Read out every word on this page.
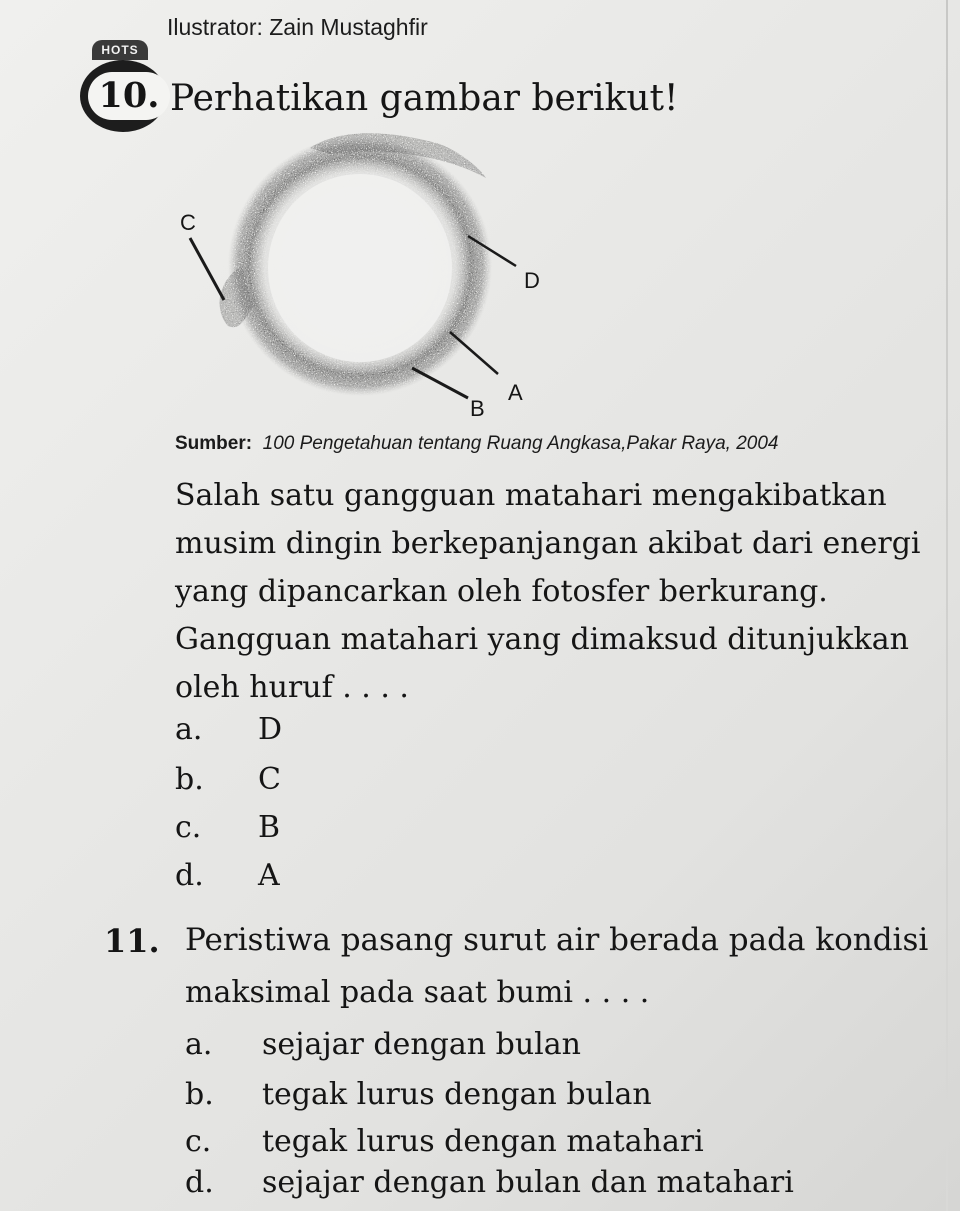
Ilustrator: Zain Mustaghfir
HOTS
10. Perhatikan gambar berikut!
C
D
A
B
Sumber: 100 Pengetahuan tentang Ruang Angkasa,Pakar Raya, 2004
Salah satu gangguan matahari mengakibatkan
musim dingin berkepanjangan akibat dari energi
yang dipancarkan oleh fotosfer berkurang.
Gangguan matahari yang dimaksud ditunjukkan
oleh huruf . . . .
a. D
b. C
c. B
d. A
11. Peristiwa pasang surut air berada pada kondisi
maksimal pada saat bumi . . . .
a. sejajar dengan bulan
b. tegak lurus dengan bulan
c. tegak lurus dengan matahari
d. sejajar dengan bulan dan matahari
